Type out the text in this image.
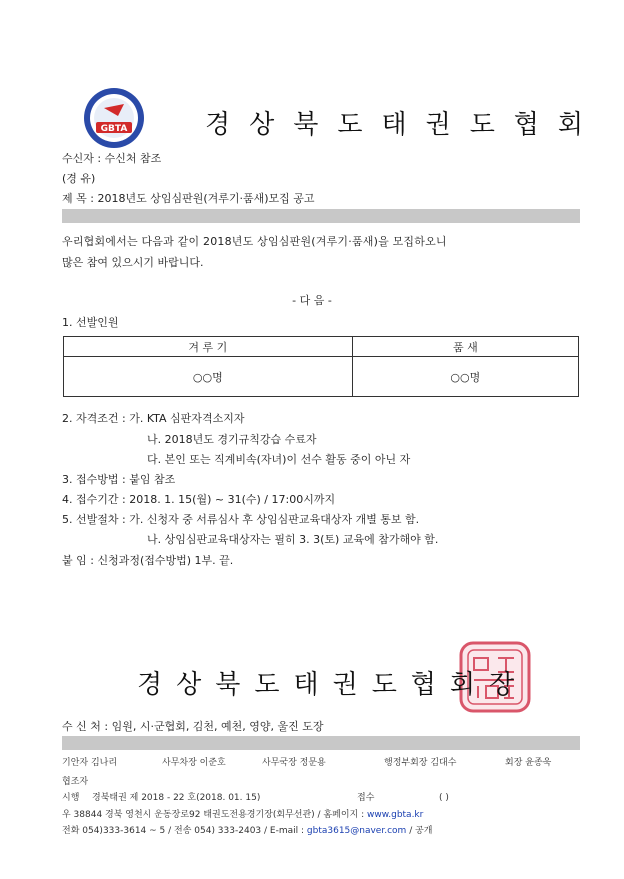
GBTA	경상북도태권도협회
수신자 : 수신처 참조
(경 유)
제 목 : 2018년도 상임심판원(겨루기·품새)모집 공고
우리협회에서는 다음과 같이 2018년도 상임심판원(겨루기·품새)을 모집하오니
많은 참여 있으시기 바랍니다.
- 다 음 -
1. 선발인원
겨 루 기	품 새
○○명	○○명
2. 자격조건 : 가. KTA 심판자격소지자
나. 2018년도 경기규칙강습 수료자
다. 본인 또는 직계비속(자녀)이 선수 활동 중이 아닌 자
3. 접수방법 : 붙임 참조
4. 접수기간 : 2018. 1. 15(월) ~ 31(수) / 17:00시까지
5. 선발절차 : 가. 신청자 중 서류심사 후 상임심판교육대상자 개별 통보 함.
나. 상임심판교육대상자는 필히 3. 3(토) 교육에 참가해야 함.
붙 임 : 신청과정(접수방법) 1부. 끝.
경상북도태권도협회장
수 신 처 : 임원, 시·군협회, 김천, 예천, 영양, 울진 도장
기안자 김나리	사무차장 이준호	사무국장 정문용	행정부회장 김대수	회장 윤종욱
협조자
시행 경북태권 제 2018 - 22 호(2018. 01. 15)	접수	( )
우 38844 경북 영천시 운동장로92 태권도전용경기장(회무선관) / 홈페이지 : www.gbta.kr
전화 054)333-3614 ~ 5 / 전송 054) 333-2403 / E-mail : gbta3615@naver.com / 공개
